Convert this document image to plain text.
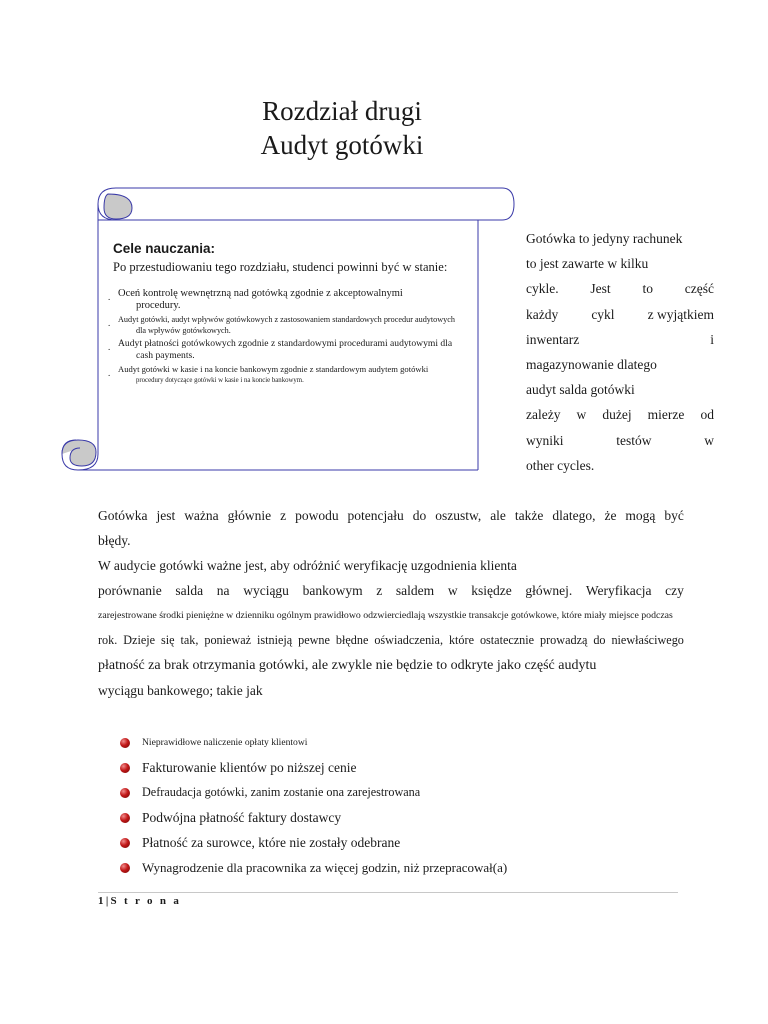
Rozdział drugi
Audyt gotówki
Cele nauczania:
Po przestudiowaniu tego rozdziału, studenci powinni być w stanie:
. Oceń kontrolę wewnętrzną nad gotówką zgodnie z akceptowalnymi
procedury.
. Audyt gotówki, audyt wpływów gotówkowych z zastosowaniem standardowych procedur audytowych
dla wpływów gotówkowych.
. Audyt płatności gotówkowych zgodnie z standardowymi procedurami audytowymi dla
cash payments.
. Audyt gotówki w kasie i na koncie bankowym zgodnie z standardowym audytem gotówki
procedury dotyczące gotówki w kasie i na koncie bankowym.
Gotówka to jedyny rachunek
to jest zawarte w kilku
cykle. Jest to część
każdy cykl z wyjątkiem
inwentarz	i
magazynowanie dlatego
audyt salda gotówki
zależy w dużej mierze od
wyniki	testów	w
other cycles.
Gotówka jest ważna głównie z powodu potencjału do oszustw, ale także dlatego, że mogą być
błędy.
W audycie gotówki ważne jest, aby odróżnić weryfikację uzgodnienia klienta
porównanie salda na wyciągu bankowym z saldem w księdze głównej. Weryfikacja czy
zarejestrowane środki pieniężne w dzienniku ogólnym prawidłowo odzwierciedlają wszystkie transakcje gotówkowe, które miały miejsce podczas
rok. Dzieje się tak, ponieważ istnieją pewne błędne oświadczenia, które ostatecznie prowadzą do niewłaściwego
płatność za brak otrzymania gotówki, ale zwykle nie będzie to odkryte jako część audytu
wyciągu bankowego; takie jak
Nieprawidłowe naliczenie opłaty klientowi
Fakturowanie klientów po niższej cenie
Defraudacja gotówki, zanim zostanie ona zarejestrowana
Podwójna płatność faktury dostawcy
Płatność za surowce, które nie zostały odebrane
Wynagrodzenie dla pracownika za więcej godzin, niż przepracował(a)
1|S t r o n a
